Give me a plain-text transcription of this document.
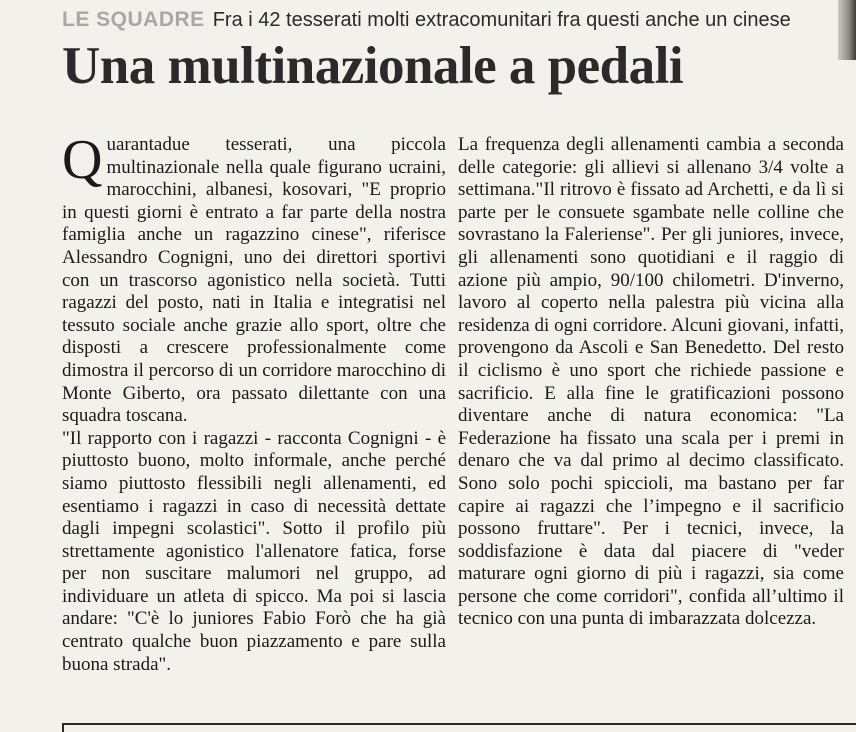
LE SQUADRE Fra i 42 tesserati molti extracomunitari fra questi anche un cinese
Una multinazionale a pedali

Q uarantadue tesserati, una piccola multinazionale nella quale figurano ucraini, marocchini, albanesi, kosovari, "E proprio in questi giorni è entrato a far parte della nostra famiglia anche un ragazzino cinese", riferisce Alessandro Cognigni, uno dei direttori sportivi con un trascorso agonistico nella società. Tutti ragazzi del posto, nati in Italia e integratisi nel tessuto sociale anche grazie allo sport, oltre che disposti a crescere professionalmente come dimostra il percorso di un corridore marocchino di Monte Giberto, ora passato dilettante con una squadra toscana.

"Il rapporto con i ragazzi - racconta Cognigni - è piuttosto buono, molto informale, anche perché siamo piuttosto flessibili negli allenamenti, ed esentiamo i ragazzi in caso di necessità dettate dagli impegni scolastici". Sotto il profilo più strettamente agonistico l'allenatore fatica, forse per non suscitare malumori nel gruppo, ad individuare un atleta di spicco. Ma poi si lascia andare: "C'è lo juniores Fabio Forò che ha già centrato qualche buon piazzamento e pare sulla buona strada".

La frequenza degli allenamenti cambia a seconda delle categorie: gli allievi si allenano 3/4 volte a settimana."Il ritrovo è fissato ad Archetti, e da lì si parte per le consuete sgambate nelle colline che sovrastano la Faleriense". Per gli juniores, invece, gli allenamenti sono quotidiani e il raggio di azione più ampio, 90/100 chilometri. D'inverno, lavoro al coperto nella palestra più vicina alla residenza di ogni corridore. Alcuni giovani, infatti, provengono da Ascoli e San Benedetto. Del resto il ciclismo è uno sport che richiede passione e sacrificio. E alla fine le gratificazioni possono diventare anche di natura economica: "La Federazione ha fissato una scala per i premi in denaro che va dal primo al decimo classificato. Sono solo pochi spiccioli, ma bastano per far capire ai ragazzi che l’impegno e il sacrificio possono fruttare". Per i tecnici, invece, la soddisfazione è data dal piacere di "veder maturare ogni giorno di più i ragazzi, sia come persone che come corridori", confida all’ultimo il tecnico con una punta di imbarazzata dolcezza.
